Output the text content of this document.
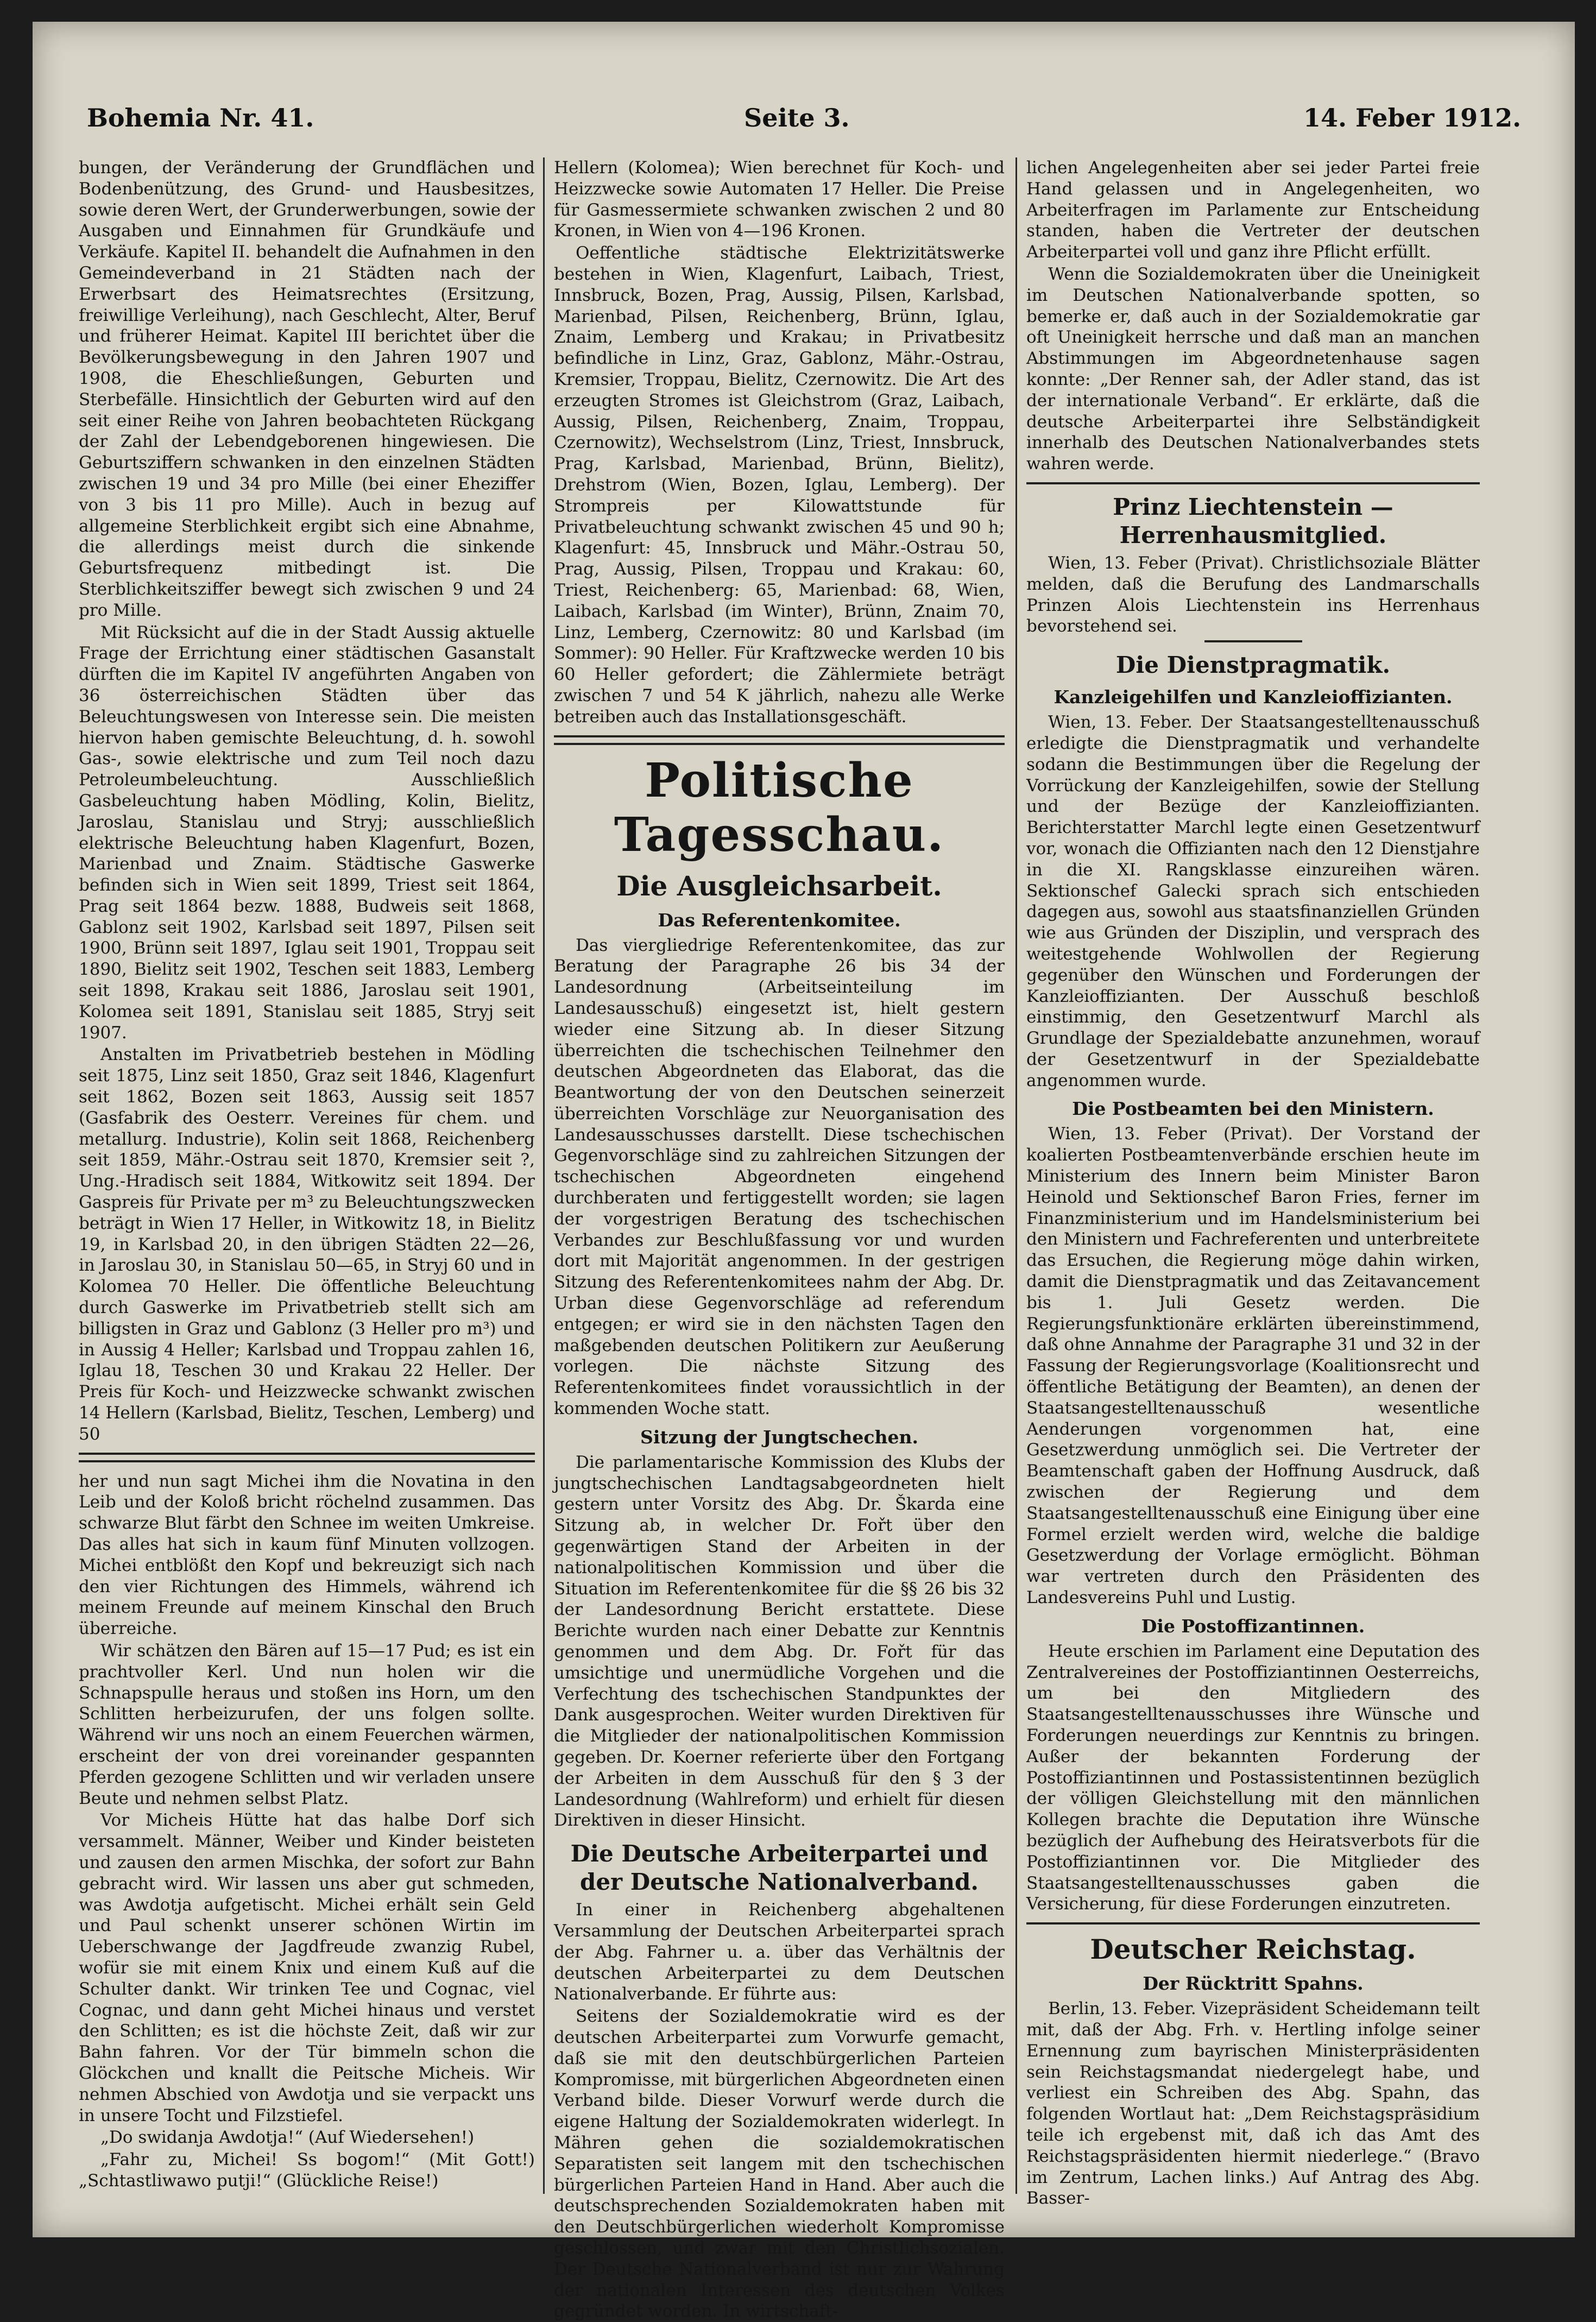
Bohemia Nr. 41.	Seite 3.	14. Feber 1912.

bungen, der Veränderung der Grundflächen und Bodenbenützung, des Grund- und Hausbesitzes, sowie deren Wert, der Grunderwerbungen, sowie der Ausgaben und Einnahmen für Grundkäufe und Verkäufe. Kapitel II. behandelt die Aufnahmen in den Gemeindeverband in 21 Städten nach der Erwerbsart des Heimatsrechtes (Ersitzung, freiwillige Verleihung), nach Geschlecht, Alter, Beruf und früherer Heimat. Kapitel III berichtet über die Bevölkerungsbewegung in den Jahren 1907 und 1908, die Eheschließungen, Geburten und Sterbefälle. Hinsichtlich der Geburten wird auf den seit einer Reihe von Jahren beobachteten Rückgang der Zahl der Lebendgeborenen hingewiesen. Die Geburtsziffern schwanken in den einzelnen Städten zwischen 19 und 34 pro Mille (bei einer Eheziffer von 3 bis 11 pro Mille). Auch in bezug auf allgemeine Sterblichkeit ergibt sich eine Abnahme, die allerdings meist durch die sinkende Geburtsfrequenz mitbedingt ist. Die Sterblichkeitsziffer bewegt sich zwischen 9 und 24 pro Mille.

Mit Rücksicht auf die in der Stadt Aussig aktuelle Frage der Errichtung einer städtischen Gasanstalt dürften die im Kapitel IV angeführten Angaben von 36 österreichischen Städten über das Beleuchtungswesen von Interesse sein. Die meisten hiervon haben gemischte Beleuchtung, d. h. sowohl Gas-, sowie elektrische und zum Teil noch dazu Petroleumbeleuchtung. Ausschließlich Gasbeleuchtung haben Mödling, Kolin, Bielitz, Jaroslau, Stanislau und Stryj; ausschließlich elektrische Beleuchtung haben Klagenfurt, Bozen, Marienbad und Znaim. Städtische Gaswerke befinden sich in Wien seit 1899, Triest seit 1864, Prag seit 1864 bezw. 1888, Budweis seit 1868, Gablonz seit 1902, Karlsbad seit 1897, Pilsen seit 1900, Brünn seit 1897, Iglau seit 1901, Troppau seit 1890, Bielitz seit 1902, Teschen seit 1883, Lemberg seit 1898, Krakau seit 1886, Jaroslau seit 1901, Kolomea seit 1891, Stanislau seit 1885, Stryj seit 1907.

Anstalten im Privatbetrieb bestehen in Mödling seit 1875, Linz seit 1850, Graz seit 1846, Klagenfurt seit 1862, Bozen seit 1863, Aussig seit 1857 (Gasfabrik des Oesterr. Vereines für chem. und metallurg. Industrie), Kolin seit 1868, Reichenberg seit 1859, Mähr.-Ostrau seit 1870, Kremsier seit ?, Ung.-Hradisch seit 1884, Witkowitz seit 1894. Der Gaspreis für Private per m³ zu Beleuchtungszwecken beträgt in Wien 17 Heller, in Witkowitz 18, in Bielitz 19, in Karlsbad 20, in den übrigen Städten 22—26, in Jaroslau 30, in Stanislau 50—65, in Stryj 60 und in Kolomea 70 Heller. Die öffentliche Beleuchtung durch Gaswerke im Privatbetrieb stellt sich am billigsten in Graz und Gablonz (3 Heller pro m³) und in Aussig 4 Heller; Karlsbad und Troppau zahlen 16, Iglau 18, Teschen 30 und Krakau 22 Heller. Der Preis für Koch- und Heizzwecke schwankt zwischen 14 Hellern (Karlsbad, Bielitz, Teschen, Lemberg) und 50

her und nun sagt Michei ihm die Novatina in den Leib und der Koloß bricht röchelnd zusammen. Das schwarze Blut färbt den Schnee im weiten Umkreise. Das alles hat sich in kaum fünf Minuten vollzogen. Michei entblößt den Kopf und bekreuzigt sich nach den vier Richtungen des Himmels, während ich meinem Freunde auf meinem Kinschal den Bruch überreiche.

Wir schätzen den Bären auf 15—17 Pud; es ist ein prachtvoller Kerl. Und nun holen wir die Schnapspulle heraus und stoßen ins Horn, um den Schlitten herbeizurufen, der uns folgen sollte. Während wir uns noch an einem Feuerchen wärmen, erscheint der von drei voreinander gespannten Pferden gezogene Schlitten und wir verladen unsere Beute und nehmen selbst Platz.

Vor Micheis Hütte hat das halbe Dorf sich versammelt. Männer, Weiber und Kinder beisteten und zausen den armen Mischka, der sofort zur Bahn gebracht wird. Wir lassen uns aber gut schmeden, was Awdotja aufgetischt. Michei erhält sein Geld und Paul schenkt unserer schönen Wirtin im Ueberschwange der Jagdfreude zwanzig Rubel, wofür sie mit einem Knix und einem Kuß auf die Schulter dankt. Wir trinken Tee und Cognac, viel Cognac, und dann geht Michei hinaus und verstet den Schlitten; es ist die höchste Zeit, daß wir zur Bahn fahren. Vor der Tür bimmeln schon die Glöckchen und knallt die Peitsche Micheis. Wir nehmen Abschied von Awdotja und sie verpackt uns in unsere Tocht und Filzstiefel.

„Do swidanja Awdotja!“ (Auf Wiedersehen!)

„Fahr zu, Michei! Ss bogom!“ (Mit Gott!) „Schtastliwawo putji!“ (Glückliche Reise!)

Hellern (Kolomea); Wien berechnet für Koch- und Heizzwecke sowie Automaten 17 Heller. Die Preise für Gasmessermiete schwanken zwischen 2 und 80 Kronen, in Wien von 4—196 Kronen.

Oeffentliche städtische Elektrizitätswerke bestehen in Wien, Klagenfurt, Laibach, Triest, Innsbruck, Bozen, Prag, Aussig, Pilsen, Karlsbad, Marienbad, Pilsen, Reichenberg, Brünn, Iglau, Znaim, Lemberg und Krakau; in Privatbesitz befindliche in Linz, Graz, Gablonz, Mähr.-Ostrau, Kremsier, Troppau, Bielitz, Czernowitz. Die Art des erzeugten Stromes ist Gleichstrom (Graz, Laibach, Aussig, Pilsen, Reichenberg, Znaim, Troppau, Czernowitz), Wechselstrom (Linz, Triest, Innsbruck, Prag, Karlsbad, Marienbad, Brünn, Bielitz), Drehstrom (Wien, Bozen, Iglau, Lemberg). Der Strompreis per Kilowattstunde für Privatbeleuchtung schwankt zwischen 45 und 90 h; Klagenfurt: 45, Innsbruck und Mähr.-Ostrau 50, Prag, Aussig, Pilsen, Troppau und Krakau: 60, Triest, Reichenberg: 65, Marienbad: 68, Wien, Laibach, Karlsbad (im Winter), Brünn, Znaim 70, Linz, Lemberg, Czernowitz: 80 und Karlsbad (im Sommer): 90 Heller. Für Kraftzwecke werden 10 bis 60 Heller gefordert; die Zählermiete beträgt zwischen 7 und 54 K jährlich, nahezu alle Werke betreiben auch das Installationsgeschäft.

Politische Tagesschau.
Die Ausgleichsarbeit.
Das Referentenkomitee.

Das viergliedrige Referentenkomitee, das zur Beratung der Paragraphe 26 bis 34 der Landesordnung (Arbeitseinteilung im Landesausschuß) eingesetzt ist, hielt gestern wieder eine Sitzung ab. In dieser Sitzung überreichten die tschechischen Teilnehmer den deutschen Abgeordneten das Elaborat, das die Beantwortung der von den Deutschen seinerzeit überreichten Vorschläge zur Neuorganisation des Landesausschusses darstellt. Diese tschechischen Gegenvorschläge sind zu zahlreichen Sitzungen der tschechischen Abgeordneten eingehend durchberaten und fertiggestellt worden; sie lagen der vorgestrigen Beratung des tschechischen Verbandes zur Beschlußfassung vor und wurden dort mit Majorität angenommen. In der gestrigen Sitzung des Referentenkomitees nahm der Abg. Dr. Urban diese Gegenvorschläge ad referendum entgegen; er wird sie in den nächsten Tagen den maßgebenden deutschen Politikern zur Aeußerung vorlegen. Die nächste Sitzung des Referentenkomitees findet voraussichtlich in der kommenden Woche statt.

Sitzung der Jungtschechen.

Die parlamentarische Kommission des Klubs der jungtschechischen Landtagsabgeordneten hielt gestern unter Vorsitz des Abg. Dr. Škarda eine Sitzung ab, in welcher Dr. Fořt über den gegenwärtigen Stand der Arbeiten in der nationalpolitischen Kommission und über die Situation im Referentenkomitee für die §§ 26 bis 32 der Landesordnung Bericht erstattete. Diese Berichte wurden nach einer Debatte zur Kenntnis genommen und dem Abg. Dr. Fořt für das umsichtige und unermüdliche Vorgehen und die Verfechtung des tschechischen Standpunktes der Dank ausgesprochen. Weiter wurden Direktiven für die Mitglieder der nationalpolitischen Kommission gegeben. Dr. Koerner referierte über den Fortgang der Arbeiten in dem Ausschuß für den § 3 der Landesordnung (Wahlreform) und erhielt für diesen Direktiven in dieser Hinsicht.

Die Deutsche Arbeiterpartei und der Deutsche Nationalverband.

In einer in Reichenberg abgehaltenen Versammlung der Deutschen Arbeiterpartei sprach der Abg. Fahrner u. a. über das Verhältnis der deutschen Arbeiterpartei zu dem Deutschen Nationalverbande. Er führte aus:

Seitens der Sozialdemokratie wird es der deutschen Arbeiterpartei zum Vorwurfe gemacht, daß sie mit den deutschbürgerlichen Parteien Kompromisse, mit bürgerlichen Abgeordneten einen Verband bilde. Dieser Vorwurf werde durch die eigene Haltung der Sozialdemokraten widerlegt. In Mähren gehen die sozialdemokratischen Separatisten seit langem mit den tschechischen bürgerlichen Parteien Hand in Hand. Aber auch die deutschsprechenden Sozialdemokraten haben mit den Deutschbürgerlichen wiederholt Kompromisse geschlossen, und zwar mit den Christlichsozialen. Der Deutsche Nationalverband ist nur zur Wahrung der nationalen Interessen des deutschen Volkes gegründet worden. In wirtschaft-

lichen Angelegenheiten aber sei jeder Partei freie Hand gelassen und in Angelegenheiten, wo Arbeiterfragen im Parlamente zur Entscheidung standen, haben die Vertreter der deutschen Arbeiterpartei voll und ganz ihre Pflicht erfüllt.

Wenn die Sozialdemokraten über die Uneinigkeit im Deutschen Nationalverbande spotten, so bemerke er, daß auch in der Sozialdemokratie gar oft Uneinigkeit herrsche und daß man an manchen Abstimmungen im Abgeordnetenhause sagen konnte: „Der Renner sah, der Adler stand, das ist der internationale Verband“. Er erklärte, daß die deutsche Arbeiterpartei ihre Selbständigkeit innerhalb des Deutschen Nationalverbandes stets wahren werde.

Prinz Liechtenstein — Herrenhausmitglied.

Wien, 13. Feber (Privat). Christlichsoziale Blätter melden, daß die Berufung des Landmarschalls Prinzen Alois Liechtenstein ins Herrenhaus bevorstehend sei.

Die Dienstpragmatik.
Kanzleigehilfen und Kanzleioffizianten.

Wien, 13. Feber. Der Staatsangestelltenausschuß erledigte die Dienstpragmatik und verhandelte sodann die Bestimmungen über die Regelung der Vorrückung der Kanzleigehilfen, sowie der Stellung und der Bezüge der Kanzleioffizianten. Berichterstatter Marchl legte einen Gesetzentwurf vor, wonach die Offizianten nach den 12 Dienstjahre in die XI. Rangsklasse einzureihen wären. Sektionschef Galecki sprach sich entschieden dagegen aus, sowohl aus staatsfinanziellen Gründen wie aus Gründen der Disziplin, und versprach des weitestgehende Wohlwollen der Regierung gegenüber den Wünschen und Forderungen der Kanzleioffizianten. Der Ausschuß beschloß einstimmig, den Gesetzentwurf Marchl als Grundlage der Spezialdebatte anzunehmen, worauf der Gesetzentwurf in der Spezialdebatte angenommen wurde.

Die Postbeamten bei den Ministern.

Wien, 13. Feber (Privat). Der Vorstand der koalierten Postbeamtenverbände erschien heute im Ministerium des Innern beim Minister Baron Heinold und Sektionschef Baron Fries, ferner im Finanzministerium und im Handelsministerium bei den Ministern und Fachreferenten und unterbreitete das Ersuchen, die Regierung möge dahin wirken, damit die Dienstpragmatik und das Zeitavancement bis 1. Juli Gesetz werden. Die Regierungsfunktionäre erklärten übereinstimmend, daß ohne Annahme der Paragraphe 31 und 32 in der Fassung der Regierungsvorlage (Koalitionsrecht und öffentliche Betätigung der Beamten), an denen der Staatsangestelltenausschuß wesentliche Aenderungen vorgenommen hat, eine Gesetzwerdung unmöglich sei. Die Vertreter der Beamtenschaft gaben der Hoffnung Ausdruck, daß zwischen der Regierung und dem Staatsangestelltenausschuß eine Einigung über eine Formel erzielt werden wird, welche die baldige Gesetzwerdung der Vorlage ermöglicht. Böhman war vertreten durch den Präsidenten des Landesvereins Puhl und Lustig.

Die Postoffizantinnen.

Heute erschien im Parlament eine Deputation des Zentralvereines der Postoffiziantinnen Oesterreichs, um bei den Mitgliedern des Staatsangestelltenausschusses ihre Wünsche und Forderungen neuerdings zur Kenntnis zu bringen. Außer der bekannten Forderung der Postoffiziantinnen und Postassistentinnen bezüglich der völligen Gleichstellung mit den männlichen Kollegen brachte die Deputation ihre Wünsche bezüglich der Aufhebung des Heiratsverbots für die Postoffiziantinnen vor. Die Mitglieder des Staatsangestelltenausschusses gaben die Versicherung, für diese Forderungen einzutreten.

Deutscher Reichstag.
Der Rücktritt Spahns.

Berlin, 13. Feber. Vizepräsident Scheidemann teilt mit, daß der Abg. Frh. v. Hertling infolge seiner Ernennung zum bayrischen Ministerpräsidenten sein Reichstagsmandat niedergelegt habe, und verliest ein Schreiben des Abg. Spahn, das folgenden Wortlaut hat: „Dem Reichstagspräsidium teile ich ergebenst mit, daß ich das Amt des Reichstagspräsidenten hiermit niederlege.“ (Bravo im Zentrum, Lachen links.) Auf Antrag des Abg. Basser-
